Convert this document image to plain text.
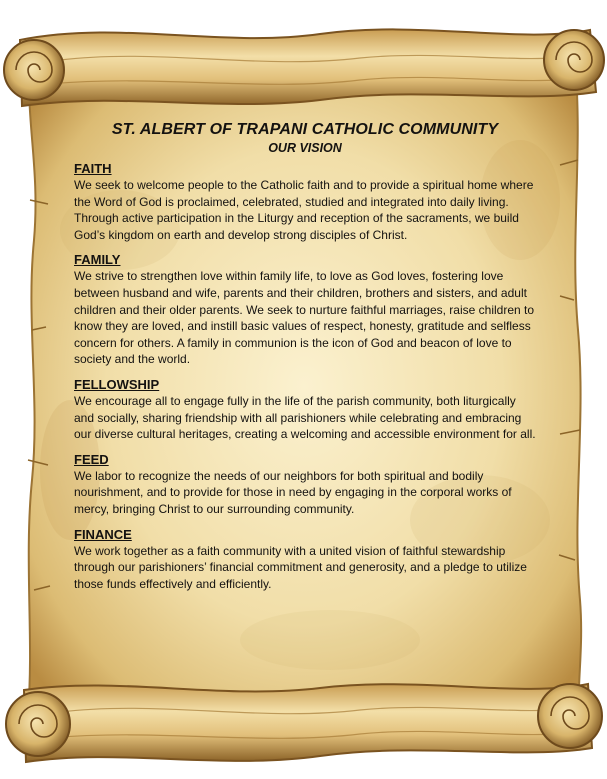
ST. ALBERT OF TRAPANI CATHOLIC COMMUNITY
OUR VISION
FAITH

We seek to welcome people to the Catholic faith and to provide a spiritual home where the Word of God is proclaimed, celebrated, studied and integrated into daily living. Through active participation in the Liturgy and reception of the sacraments, we build God’s kingdom on earth and develop strong disciples of Christ.

FAMILY

We strive to strengthen love within family life, to love as God loves, fostering love between husband and wife, parents and their children, brothers and sisters, and adult children and their older parents. We seek to nurture faithful marriages, raise children to know they are loved, and instill basic values of respect, honesty, gratitude and selfless concern for others. A family in communion is the icon of God and beacon of love to society and the world.

FELLOWSHIP

We encourage all to engage fully in the life of the parish community, both liturgically and socially, sharing friendship with all parishioners while celebrating and embracing our diverse cultural heritages, creating a welcoming and accessible environment for all.

FEED

We labor to recognize the needs of our neighbors for both spiritual and bodily nourishment, and to provide for those in need by engaging in the corporal works of mercy, bringing Christ to our surrounding community.

FINANCE

We work together as a faith community with a united vision of faithful stewardship through our parishioners’ financial commitment and generosity, and a pledge to utilize those funds effectively and efficiently.
